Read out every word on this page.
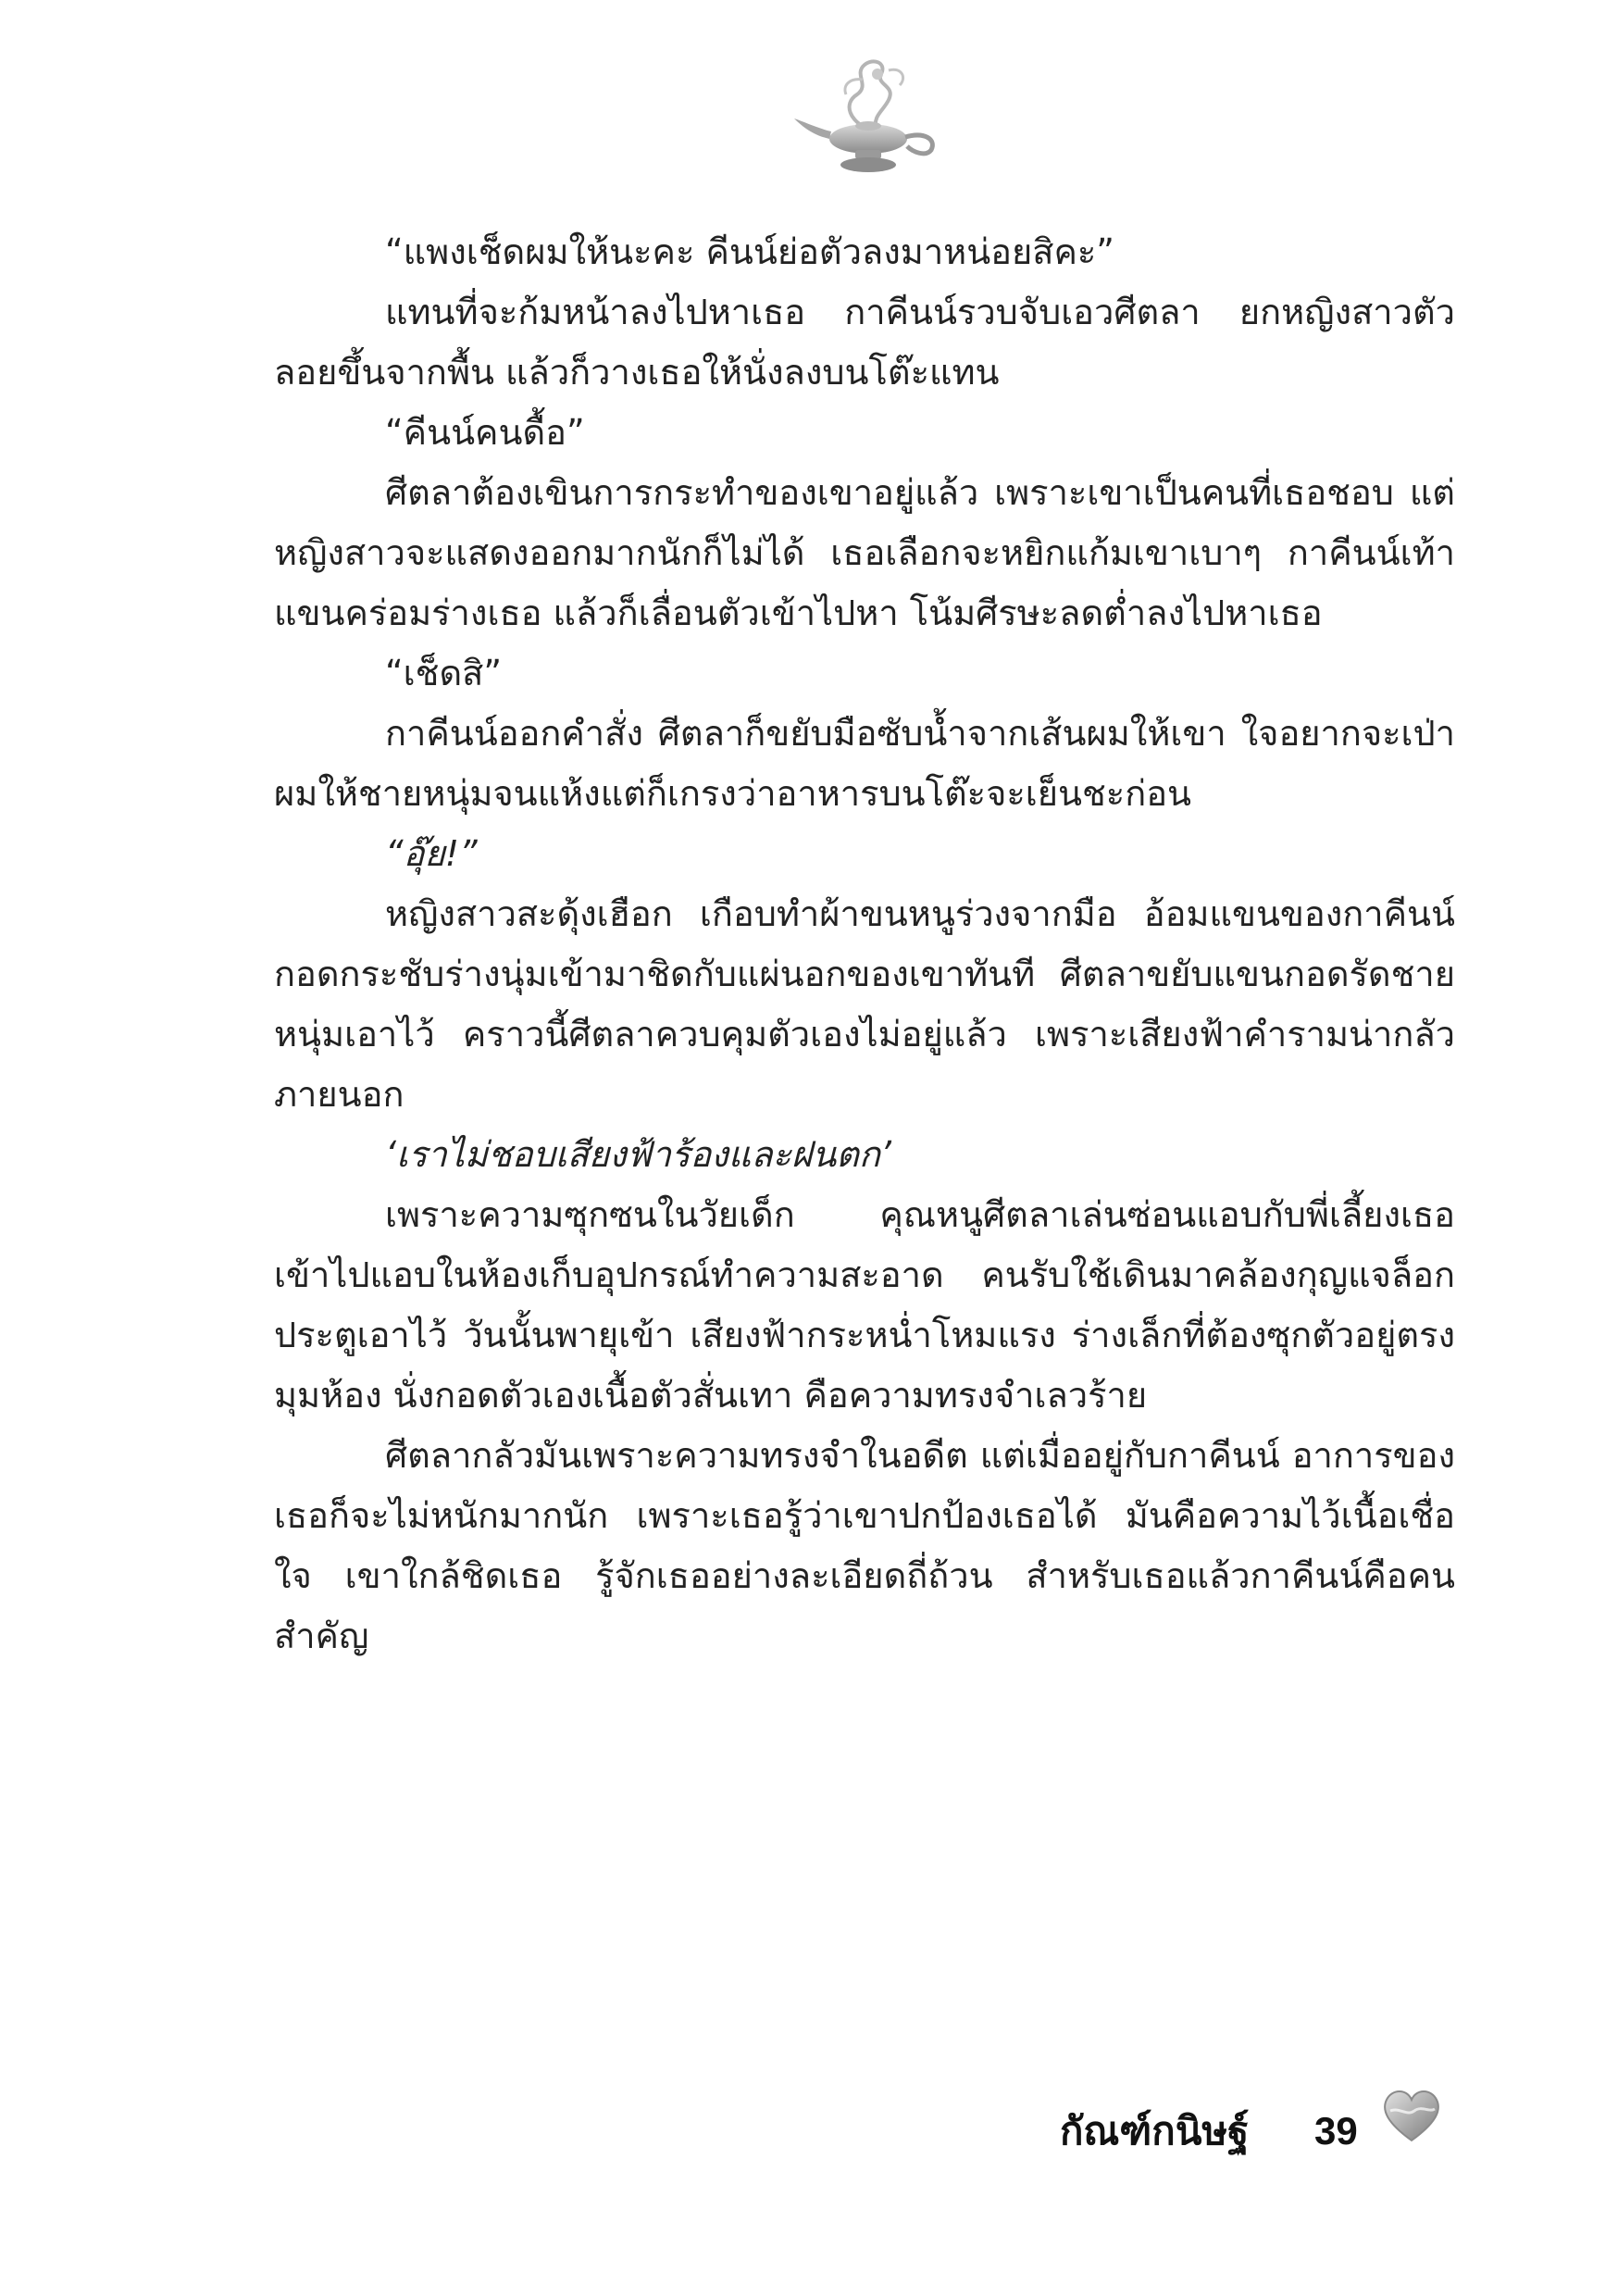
“แพงเช็ดผมให้นะคะ คีนน์ย่อตัวลงมาหน่อยสิคะ”

แทนที่จะก้มหน้าลงไปหาเธอ กาคีนน์รวบจับเอวศีตลา ยกหญิงสาวตัวลอยขึ้นจากพื้น แล้วก็วางเธอให้นั่งลงบนโต๊ะแทน

“คีนน์คนดื้อ”

ศีตลาต้องเขินการกระทำของเขาอยู่แล้ว เพราะเขาเป็นคนที่เธอชอบ แต่หญิงสาวจะแสดงออกมากนักก็ไม่ได้ เธอเลือกจะหยิกแก้มเขาเบาๆ กาคีนน์เท้าแขนคร่อมร่างเธอ แล้วก็เลื่อนตัวเข้าไปหา โน้มศีรษะลดต่ำลงไปหาเธอ

“เช็ดสิ”

กาคีนน์ออกคำสั่ง ศีตลาก็ขยับมือซับน้ำจากเส้นผมให้เขา ใจอยากจะเป่าผมให้ชายหนุ่มจนแห้งแต่ก็เกรงว่าอาหารบนโต๊ะจะเย็นชะก่อน

“อุ๊ย!”

หญิงสาวสะดุ้งเฮือก เกือบทำผ้าขนหนูร่วงจากมือ อ้อมแขนของกาคีนน์กอดกระชับร่างนุ่มเข้ามาชิดกับแผ่นอกของเขาทันที ศีตลาขยับแขนกอดรัดชายหนุ่มเอาไว้ คราวนี้ศีตลาควบคุมตัวเองไม่อยู่แล้ว เพราะเสียงฟ้าคำรามน่ากลัวภายนอก

‘เราไม่ชอบเสียงฟ้าร้องและฝนตก’

เพราะความซุกซนในวัยเด็ก คุณหนูศีตลาเล่นซ่อนแอบกับพี่เลี้ยงเธอเข้าไปแอบในห้องเก็บอุปกรณ์ทำความสะอาด คนรับใช้เดินมาคล้องกุญแจล็อกประตูเอาไว้ วันนั้นพายุเข้า เสียงฟ้ากระหน่ำโหมแรง ร่างเล็กที่ต้องซุกตัวอยู่ตรงมุมห้อง นั่งกอดตัวเองเนื้อตัวสั่นเทา คือความทรงจำเลวร้าย

ศีตลากลัวมันเพราะความทรงจำในอดีต แต่เมื่ออยู่กับกาคีนน์ อาการของเธอก็จะไม่หนักมากนัก เพราะเธอรู้ว่าเขาปกป้องเธอได้ มันคือความไว้เนื้อเชื่อใจ เขาใกล้ชิดเธอ รู้จักเธออย่างละเอียดถี่ถ้วน สำหรับเธอแล้วกาคีนน์คือคนสำคัญ

กัณฑ์กนิษฐ์ 39
